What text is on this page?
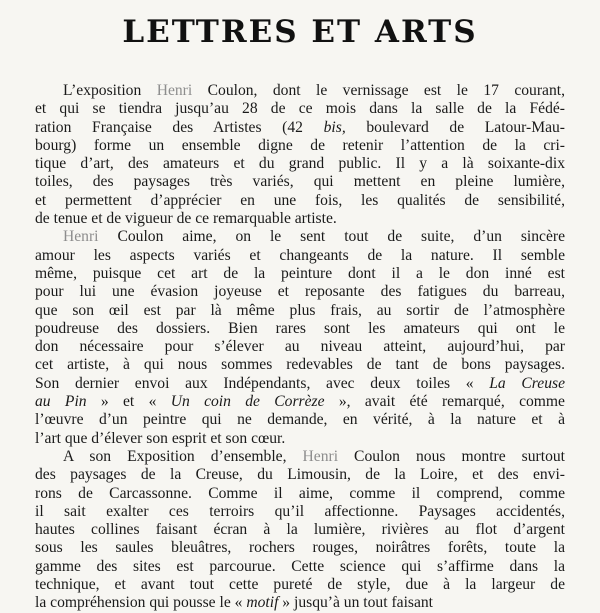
LETTRES ET ARTS
L’exposition Henri Coulon, dont le vernissage est le 17 courant,
et qui se tiendra jusqu’au 28 de ce mois dans la salle de la Fédé-
ration Française des Artistes (42 bis, boulevard de Latour-Mau-
bourg) forme un ensemble digne de retenir l’attention de la cri-
tique d’art, des amateurs et du grand public. Il y a là soixante-dix
toiles, des paysages très variés, qui mettent en pleine lumière,
et permettent d’apprécier en une fois, les qualités de sensibilité,
de tenue et de vigueur de ce remarquable artiste.
Henri Coulon aime, on le sent tout de suite, d’un sincère
amour les aspects variés et changeants de la nature. Il semble
même, puisque cet art de la peinture dont il a le don inné est
pour lui une évasion joyeuse et reposante des fatigues du barreau,
que son œil est par là même plus frais, au sortir de l’atmosphère
poudreuse des dossiers. Bien rares sont les amateurs qui ont le
don nécessaire pour s’élever au niveau atteint, aujourd’hui, par
cet artiste, à qui nous sommes redevables de tant de bons paysages.
Son dernier envoi aux Indépendants, avec deux toiles « La Creuse
au Pin » et « Un coin de Corrèze », avait été remarqué, comme
l’œuvre d’un peintre qui ne demande, en vérité, à la nature et à
l’art que d’élever son esprit et son cœur.
A son Exposition d’ensemble, Henri Coulon nous montre surtout
des paysages de la Creuse, du Limousin, de la Loire, et des envi-
rons de Carcassonne. Comme il aime, comme il comprend, comme
il sait exalter ces terroirs qu’il affectionne. Paysages accidentés,
hautes collines faisant écran à la lumière, rivières au flot d’argent
sous les saules bleuâtres, rochers rouges, noirâtres forêts, toute la
gamme des sites est parcourue. Cette science qui s’affirme dans la
technique, et avant tout cette pureté de style, due à la largeur de
la compréhension qui pousse le « motif » jusqu’à un tout faisant
